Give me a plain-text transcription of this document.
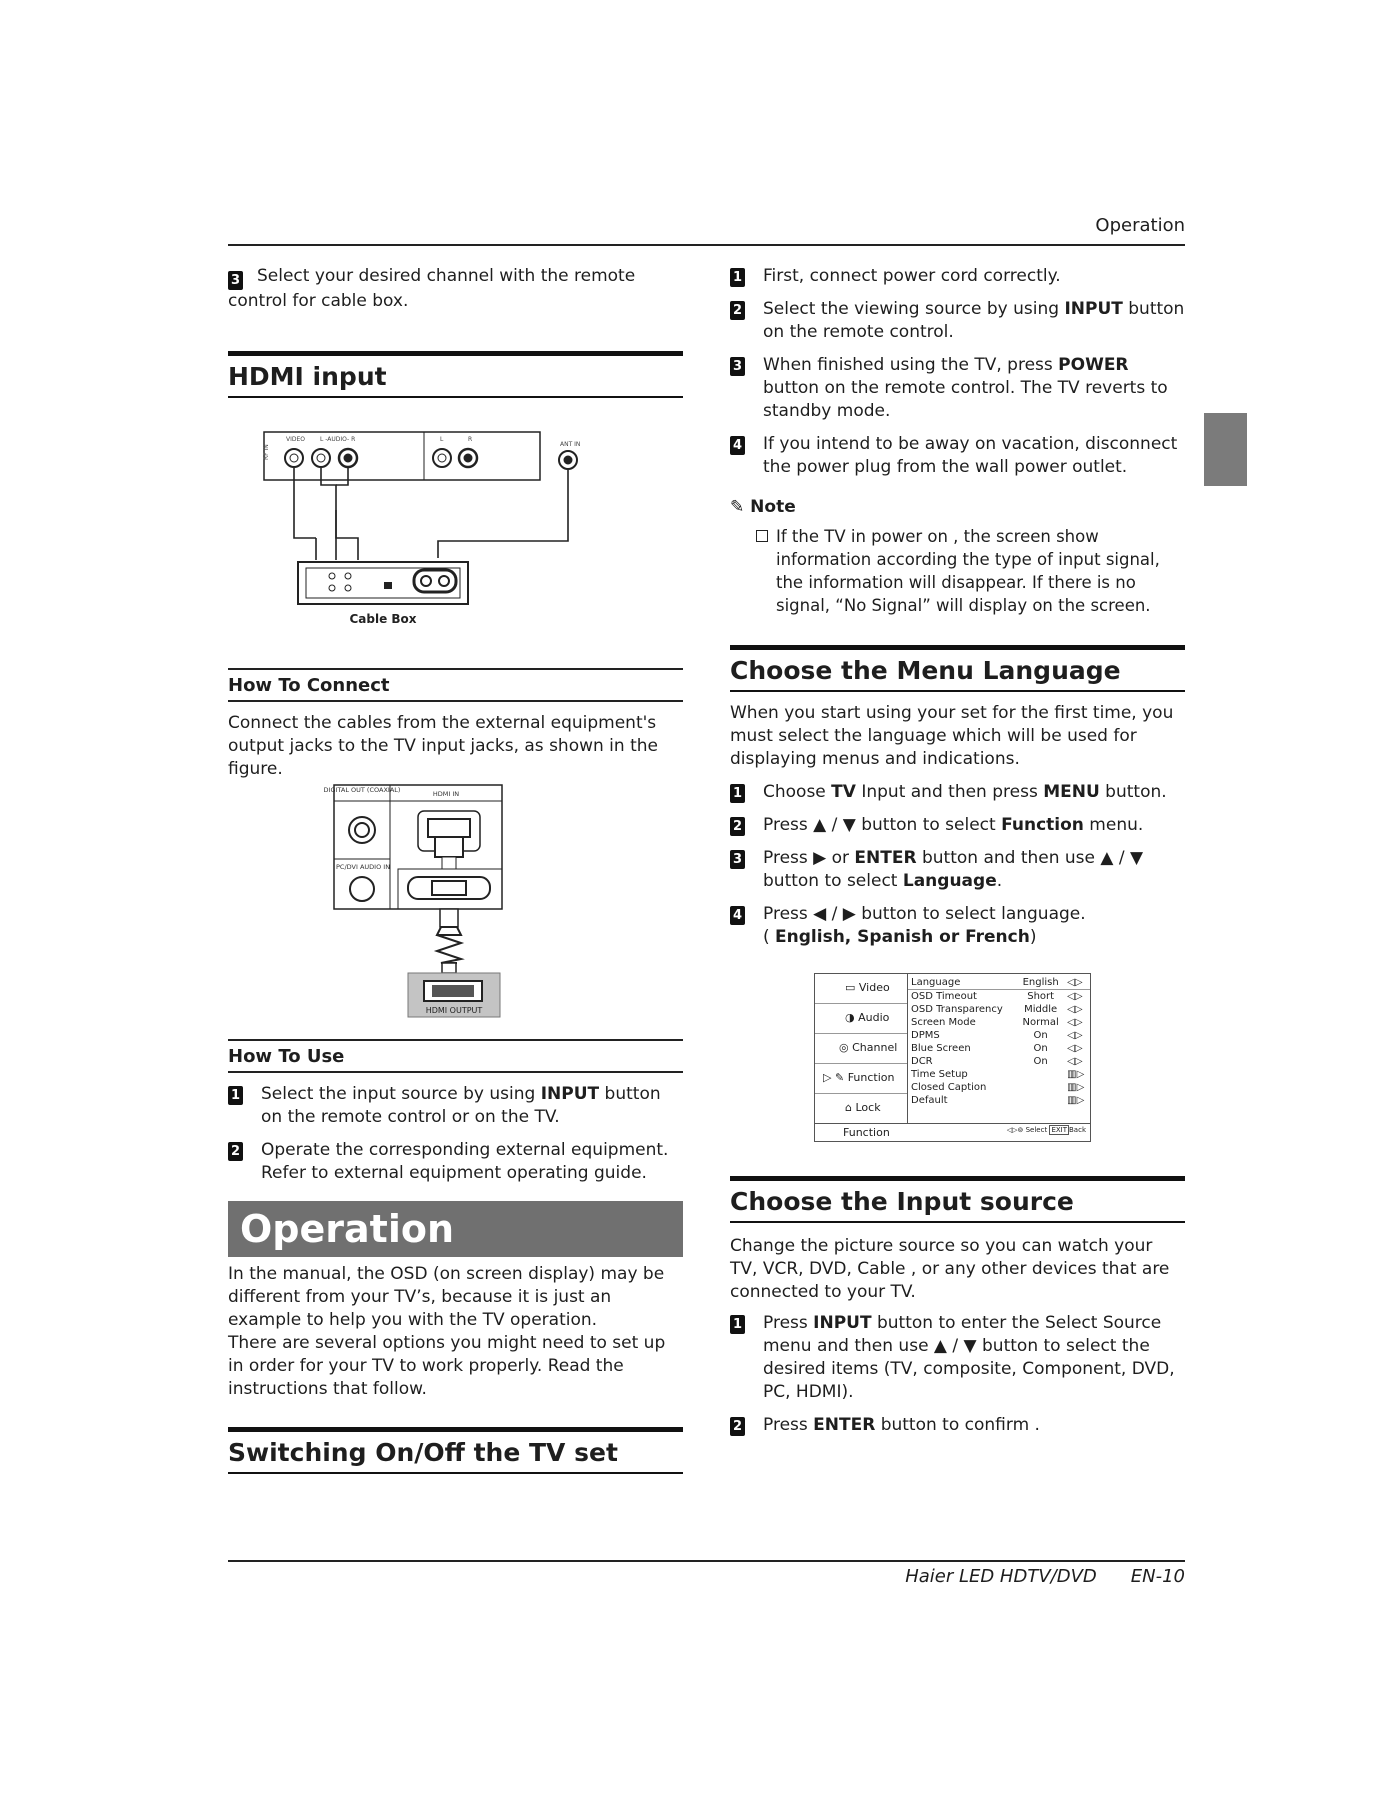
Operation
Haier LED HDTV/DVD EN-10

3 Select your desired channel with the remote control for cable box.

HDMI input
RF IN
VIDEO L -AUDIO- R	L	R
ANT IN
Cable Box
How To Connect

Connect the cables from the external equipment's output jacks to the TV input jacks, as shown in the figure.

DIGITAL OUT (COAXIAL)	HDMI IN
PC/DVI AUDIO IN
HDMI OUTPUT
How To Use

1 Select the input source by using INPUT button on the remote control or on the TV.

2 Operate the corresponding external equipment. Refer to external equipment operating guide.

Operation

In the manual, the OSD (on screen display) may be different from your TV’s, because it is just an example to help you with the TV operation.

There are several options you might need to set up in order for your TV to work properly. Read the instructions that follow.

Switching On/Off the TV set

1 First, connect power cord correctly.

2 Select the viewing source by using INPUT button on the remote control.

3 When finished using the TV, press POWER button on the remote control. The TV reverts to standby mode.

4 If you intend to be away on vacation, disconnect the power plug from the wall power outlet.

✎ Note

If the TV in power on , the screen show information according the type of input signal, the information will disappear. If there is no signal, “No Signal” will display on the screen.

Choose the Menu Language

When you start using your set for the first time, you must select the language which will be used for displaying menus and indications.

1 Choose TV Input and then press MENU button.

2 Press ▲ / ▼ button to select Function menu.

3 Press ▶ or ENTER button and then use ▲ / ▼ button to select Language.

4 Press ◀ / ▶ button to select language.
( English, Spanish or French)

▭ Video
◑ Audio
◎ Channel
▷ ✎ Function
⌂ Lock

Language	English	◁▷
OSD Timeout	Short	◁▷
OSD Transparency	Middle	◁▷
Screen Mode	Normal	◁▷
DPMS	On	◁▷
Blue Screen	On	◁▷
DCR	On	◁▷
Time Setup		▥▷
Closed Caption		▥▷
Default		▥▷

Function	◁▷⊚ Select EXIT Back
Choose the Input source

Change the picture source so you can watch your TV, VCR, DVD, Cable , or any other devices that are connected to your TV.

1 Press INPUT button to enter the Select Source menu and then use ▲ / ▼ button to select the desired items (TV, composite, Component, DVD, PC, HDMI).

2 Press ENTER button to confirm .
